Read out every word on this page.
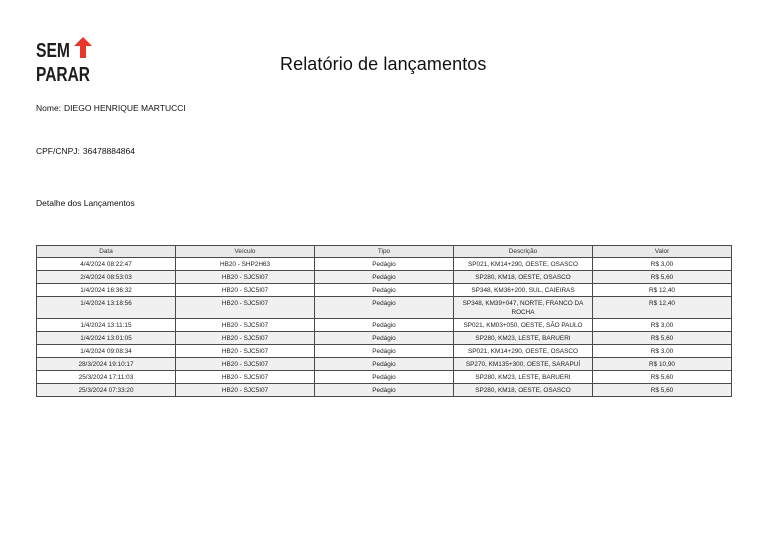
SEM
PARAR	Relatório de lançamentos
Nome: DIEGO HENRIQUE MARTUCCI
CPF/CNPJ: 36478884864
Detalhe dos Lançamentos
Data	Veículo	Tipo	Descrição	Valor
4/4/2024 08:22:47	HB20 - SHP2H63	Pedágio	SP021, KM14+290, OESTE, OSASCO	R$ 3,00
2/4/2024 08:53:03	HB20 - SJC5I07	Pedágio	SP280, KM18, OESTE, OSASCO	R$ 5,60
1/4/2024 16:36:32	HB20 - SJC5I07	Pedágio	SP348, KM36+200, SUL, CAIEIRAS	R$ 12,40
1/4/2024 13:18:56	HB20 - SJC5I07	Pedágio	SP348, KM39+047, NORTE, FRANCO DA ROCHA	R$ 12,40
1/4/2024 13:11:15	HB20 - SJC5I07	Pedágio	SP021, KM03+050, OESTE, SÃO PAULO	R$ 3,00
1/4/2024 13:01:05	HB20 - SJC5I07	Pedágio	SP280, KM23, LESTE, BARUERI	R$ 5,60
1/4/2024 09:08:34	HB20 - SJC5I07	Pedágio	SP021, KM14+290, OESTE, OSASCO	R$ 3,00
28/3/2024 19:10:17	HB20 - SJC5I07	Pedágio	SP270, KM135+300, OESTE, SARAPUÍ	R$ 10,90
25/3/2024 17:11:03	HB20 - SJC5I07	Pedágio	SP280, KM23, LESTE, BARUERI	R$ 5,60
25/3/2024 07:33:20	HB20 - SJC5I07	Pedágio	SP280, KM18, OESTE, OSASCO	R$ 5,60
